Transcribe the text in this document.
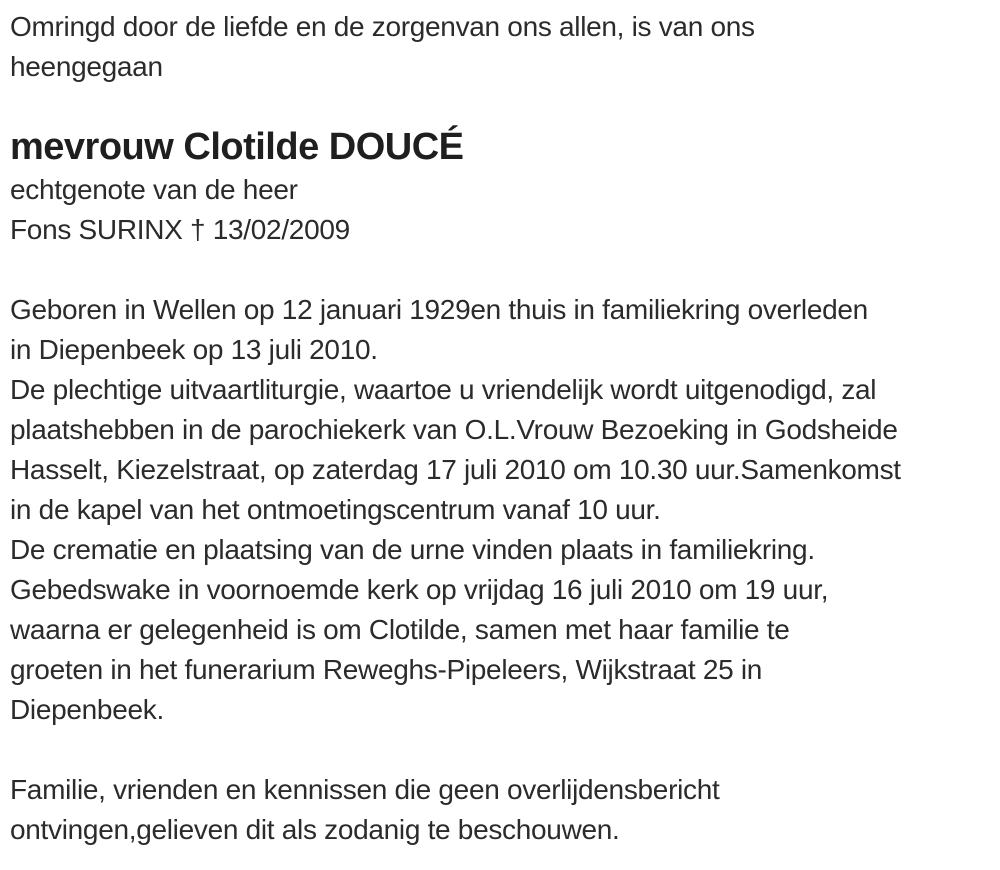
Omringd door de liefde en de zorgenvan ons allen, is van ons
heengegaan
mevrouw Clotilde DOUCÉ
echtgenote van de heer
Fons SURINX † 13/02/2009
Geboren in Wellen op 12 januari 1929en thuis in familiekring overleden
in Diepenbeek op 13 juli 2010.
De plechtige uitvaartliturgie, waartoe u vriendelijk wordt uitgenodigd, zal
plaatshebben in de parochiekerk van O.L.Vrouw Bezoeking in Godsheide
Hasselt, Kiezelstraat, op zaterdag 17 juli 2010 om 10.30 uur.Samenkomst
in de kapel van het ontmoetingscentrum vanaf 10 uur.
De crematie en plaatsing van de urne vinden plaats in familiekring.
Gebedswake in voornoemde kerk op vrijdag 16 juli 2010 om 19 uur,
waarna er gelegenheid is om Clotilde, samen met haar familie te
groeten in het funerarium Reweghs-Pipeleers, Wijkstraat 25 in
Diepenbeek.
Familie, vrienden en kennissen die geen overlijdensbericht
ontvingen,gelieven dit als zodanig te beschouwen.
